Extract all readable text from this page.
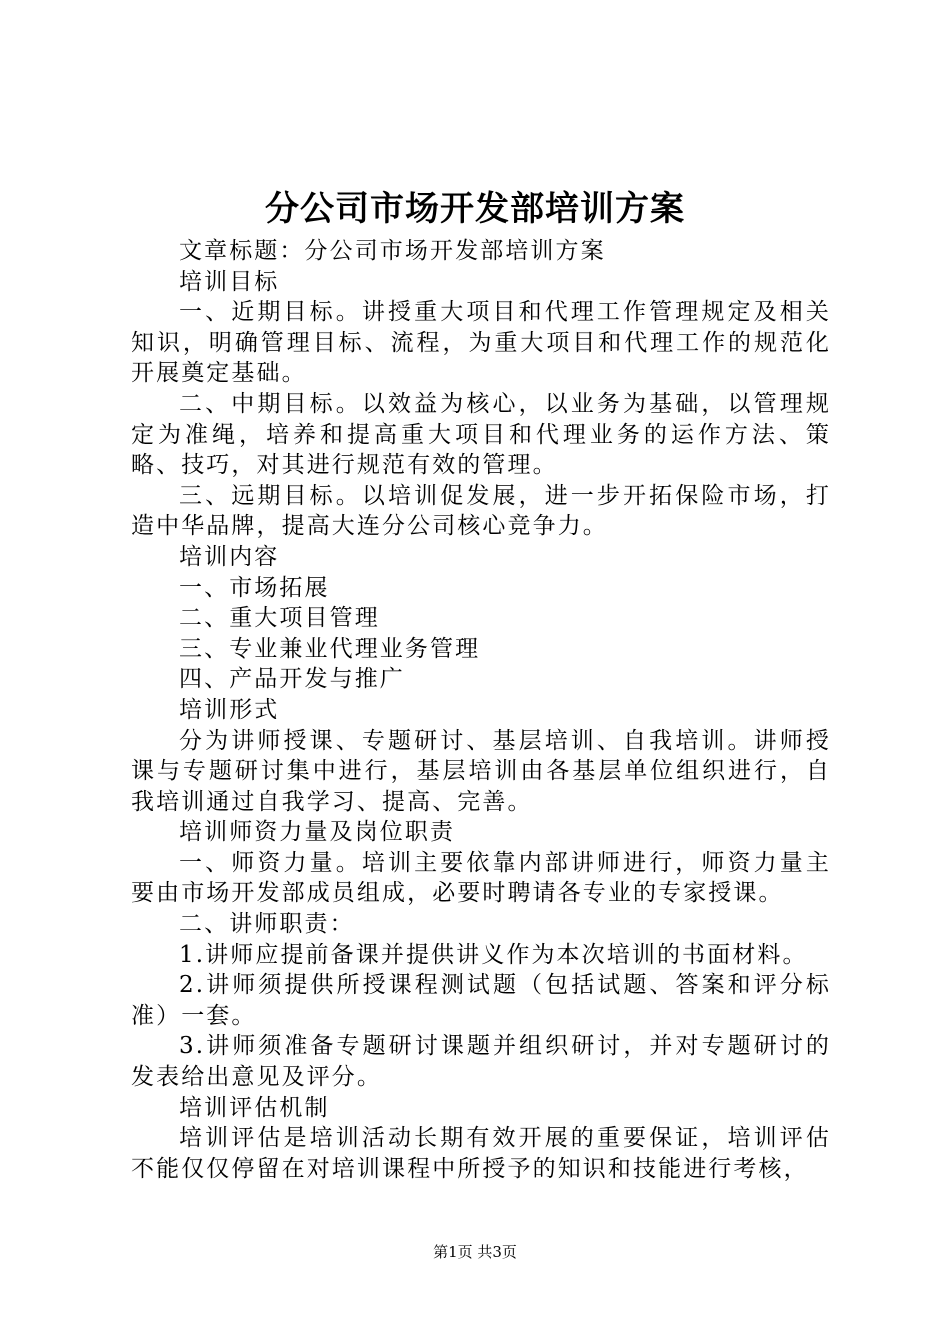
分公司市场开发部培训方案

文章标题：分公司市场开发部培训方案

培训目标

一、近期目标。讲授重大项目和代理工作管理规定及相关知识，明确管理目标、流程，为重大项目和代理工作的规范化开展奠定基础。

二、中期目标。以效益为核心，以业务为基础，以管理规定为准绳，培养和提高重大项目和代理业务的运作方法、策略、技巧，对其进行规范有效的管理。

三、远期目标。以培训促发展，进一步开拓保险市场，打造中华品牌，提高大连分公司核心竞争力。

培训内容

一、市场拓展

二、重大项目管理

三、专业兼业代理业务管理

四、产品开发与推广

培训形式

分为讲师授课、专题研讨、基层培训、自我培训。讲师授课与专题研讨集中进行，基层培训由各基层单位组织进行，自我培训通过自我学习、提高、完善。

培训师资力量及岗位职责

一、师资力量。培训主要依靠内部讲师进行，师资力量主要由市场开发部成员组成，必要时聘请各专业的专家授课。

二、讲师职责：

1.讲师应提前备课并提供讲义作为本次培训的书面材料。

2.讲师须提供所授课程测试题（包括试题、答案和评分标准）一套。

3.讲师须准备专题研讨课题并组织研讨，并对专题研讨的发表给出意见及评分。

培训评估机制

培训评估是培训活动长期有效开展的重要保证，培训评估不能仅仅停留在对培训课程中所授予的知识和技能进行考核，

第1页 共3页
